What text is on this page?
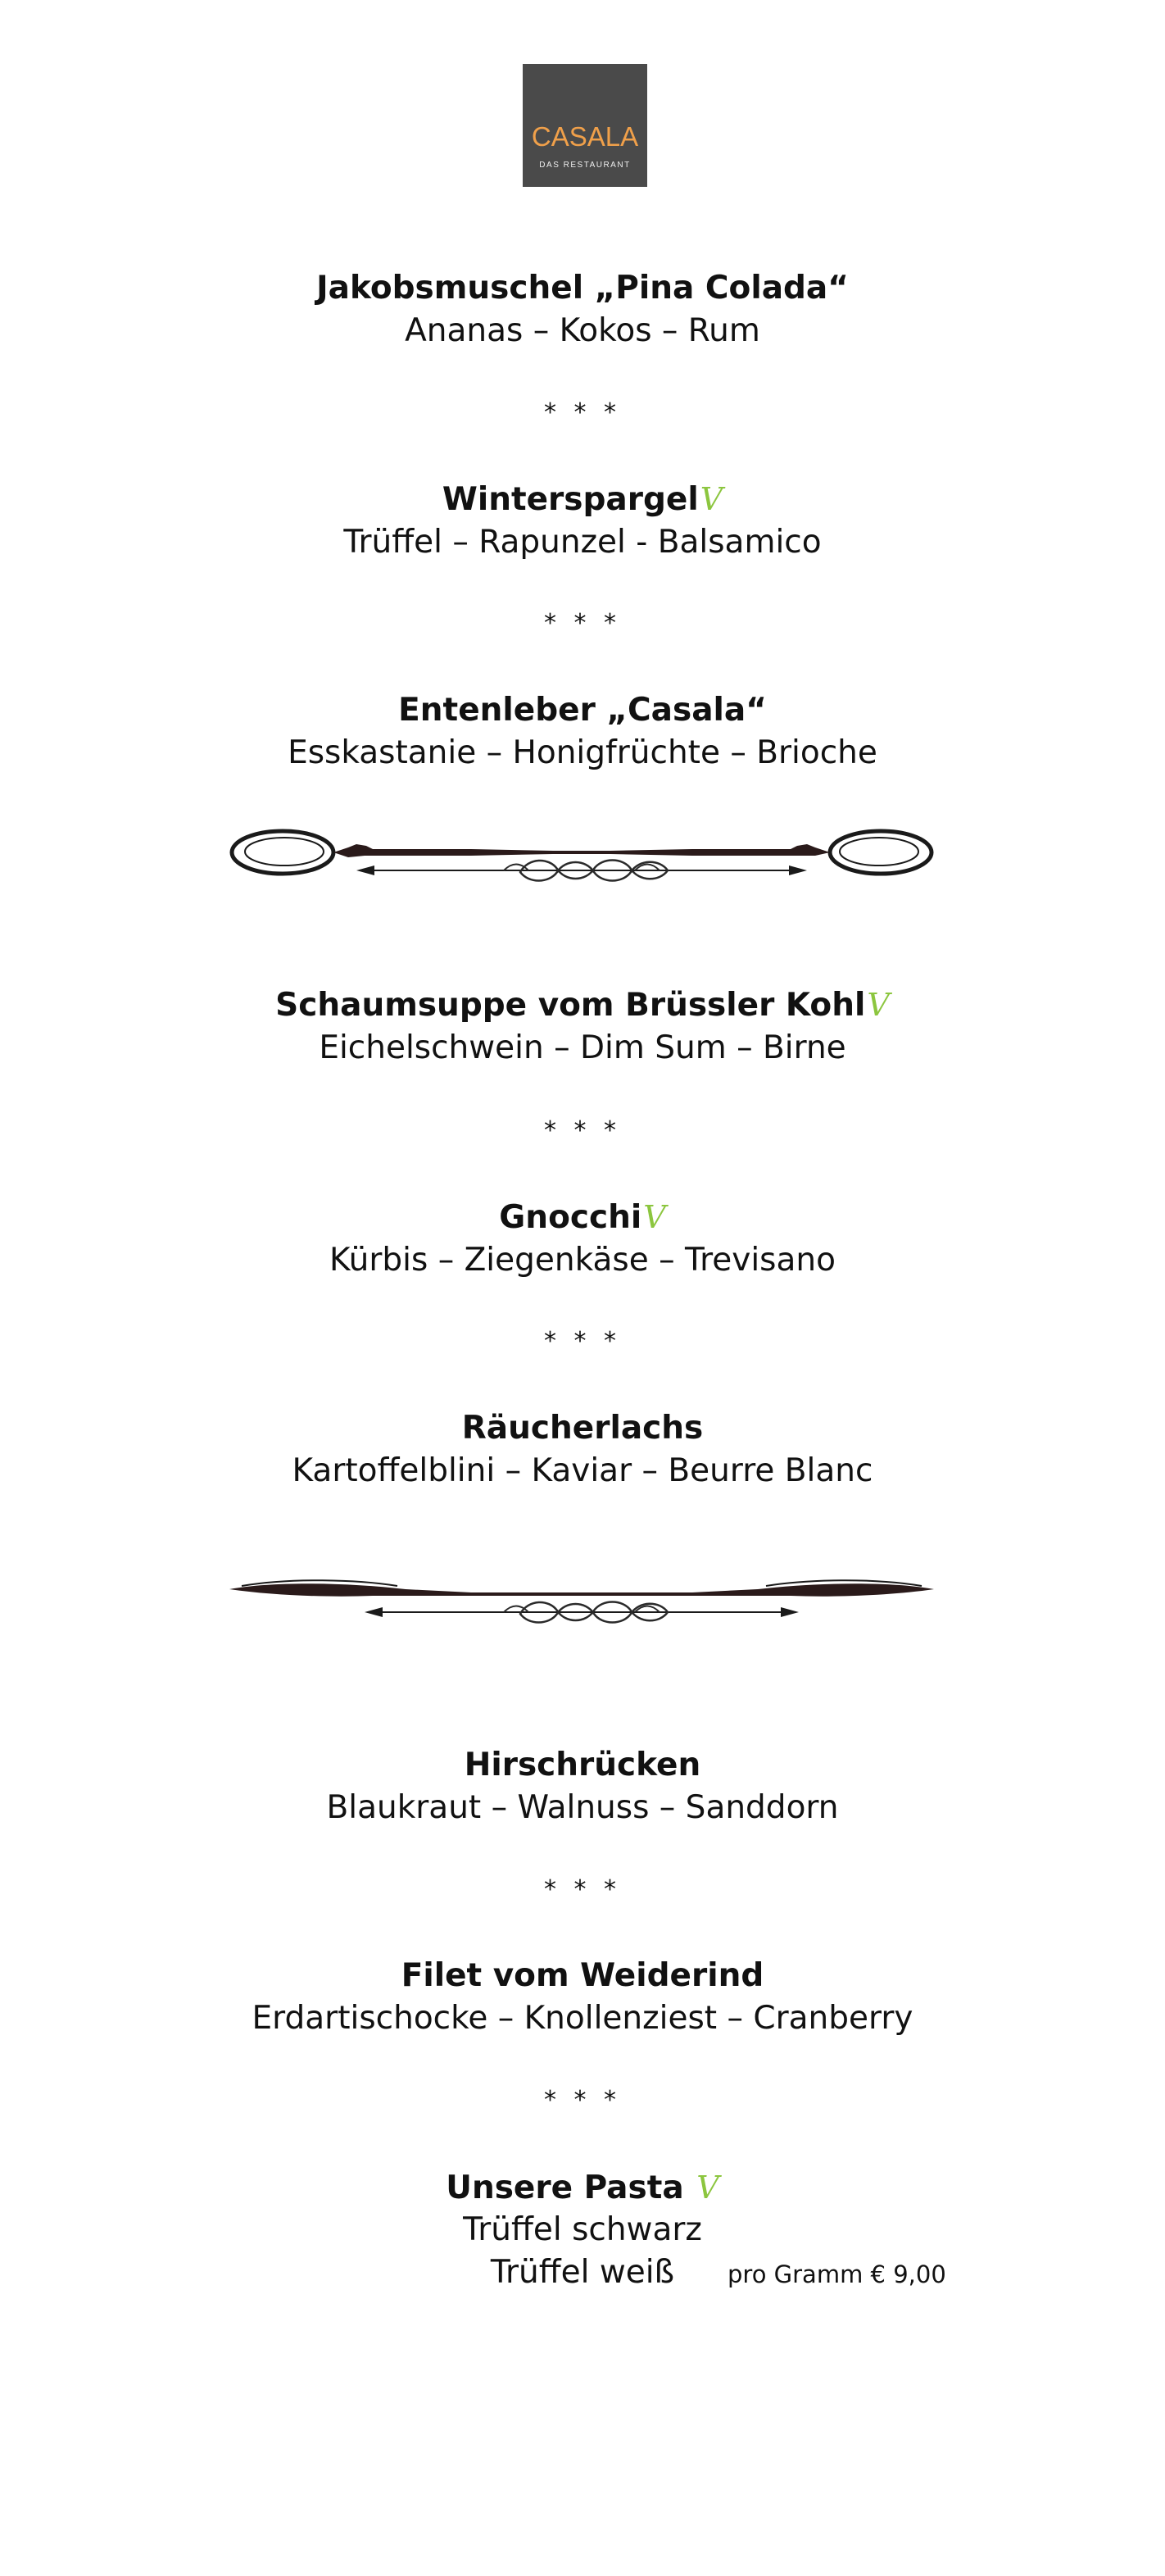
CASALA
DAS RESTAURANT
Jakobsmuschel „Pina Colada“
Ananas – Kokos – Rum
* * *
WinterspargelV
Trüffel – Rapunzel - Balsamico
* * *
Entenleber „Casala“
Esskastanie – Honigfrüchte – Brioche
Schaumsuppe vom Brüssler KohlV
Eichelschwein – Dim Sum – Birne
* * *
GnocchiV
Kürbis – Ziegenkäse – Trevisano
* * *
Räucherlachs
Kartoffelblini – Kaviar – Beurre Blanc
Hirschrücken
Blaukraut – Walnuss – Sanddorn
* * *
Filet vom Weiderind
Erdartischocke – Knollenziest – Cranberry
* * *
Unsere Pasta V
Trüffel schwarz
Trüffel weiß	pro Gramm € 9,00
